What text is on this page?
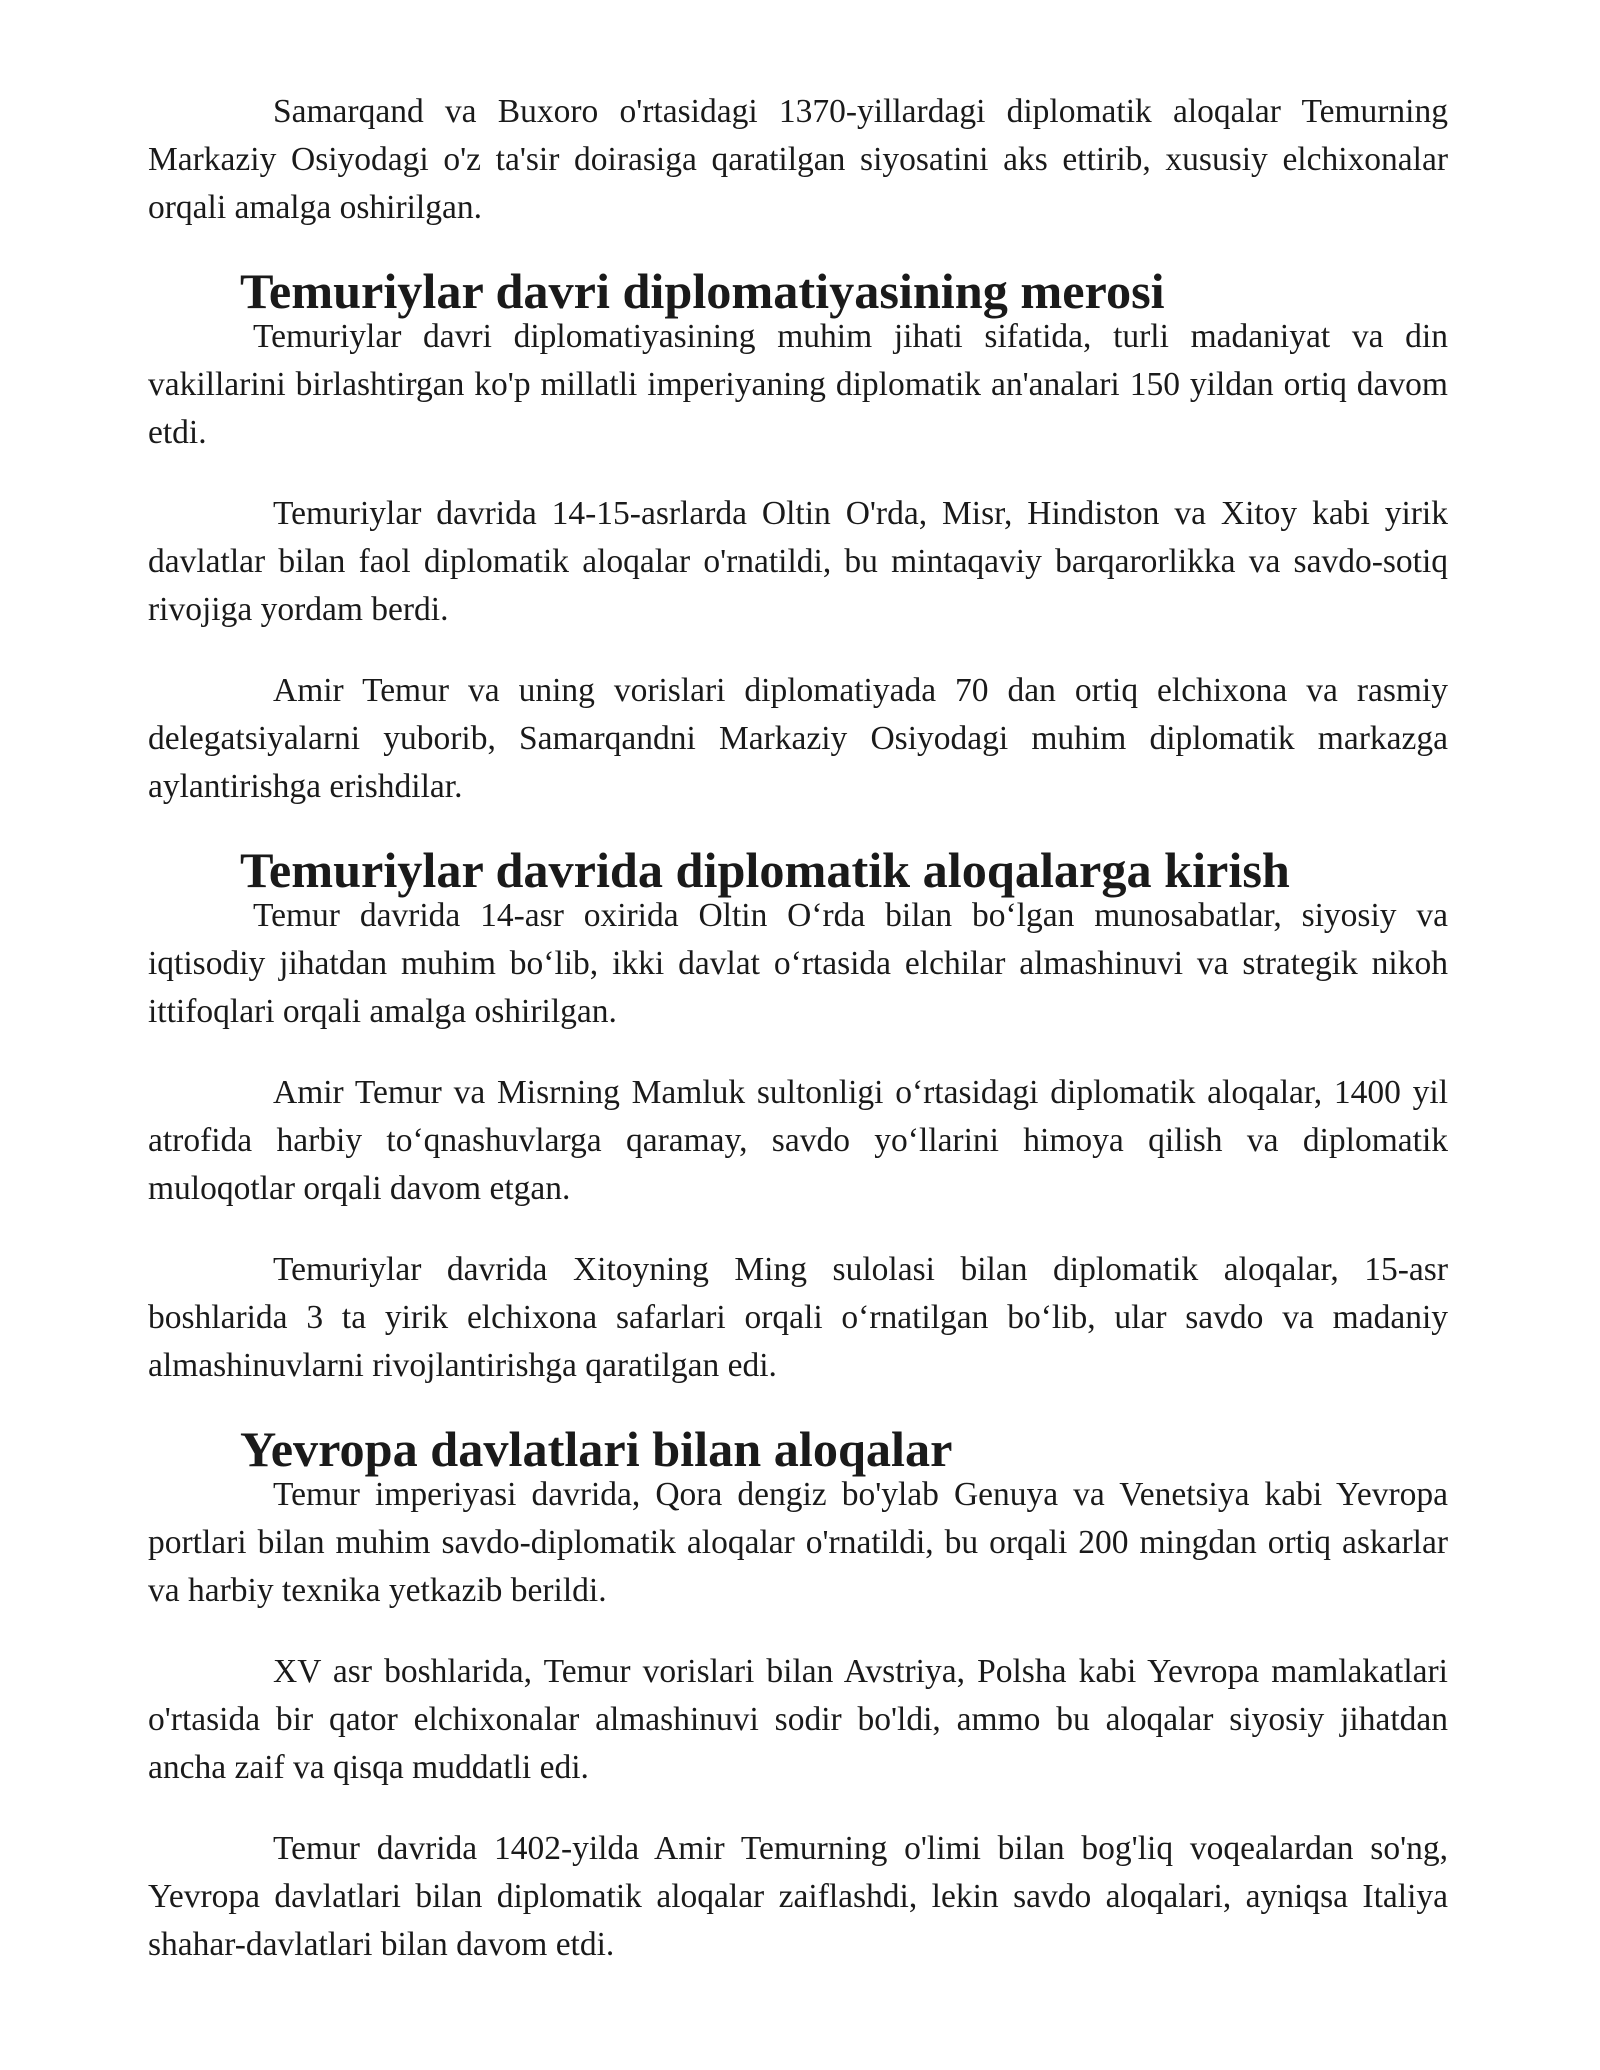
Samarqand va Buxoro o'rtasidagi 1370-yillardagi diplomatik aloqalar Temurning Markaziy Osiyodagi o'z ta'sir doirasiga qaratilgan siyosatini aks ettirib, xususiy elchixonalar orqali amalga oshirilgan.

Temuriylar davri diplomatiyasining merosi

Temuriylar davri diplomatiyasining muhim jihati sifatida, turli madaniyat va din vakillarini birlashtirgan ko'p millatli imperiyaning diplomatik an'analari 150 yildan ortiq davom etdi.

Temuriylar davrida 14-15-asrlarda Oltin O'rda, Misr, Hindiston va Xitoy kabi yirik davlatlar bilan faol diplomatik aloqalar o'rnatildi, bu mintaqaviy barqarorlikka va savdo-sotiq rivojiga yordam berdi.

Amir Temur va uning vorislari diplomatiyada 70 dan ortiq elchixona va rasmiy delegatsiyalarni yuborib, Samarqandni Markaziy Osiyodagi muhim diplomatik markazga aylantirishga erishdilar.

Temuriylar davrida diplomatik aloqalarga kirish

Temur davrida 14-asr oxirida Oltin O‘rda bilan bo‘lgan munosabatlar, siyosiy va iqtisodiy jihatdan muhim bo‘lib, ikki davlat o‘rtasida elchilar almashinuvi va strategik nikoh ittifoqlari orqali amalga oshirilgan.

Amir Temur va Misrning Mamluk sultonligi o‘rtasidagi diplomatik aloqalar, 1400 yil atrofida harbiy to‘qnashuvlarga qaramay, savdo yo‘llarini himoya qilish va diplomatik muloqotlar orqali davom etgan.

Temuriylar davrida Xitoyning Ming sulolasi bilan diplomatik aloqalar, 15-asr boshlarida 3 ta yirik elchixona safarlari orqali o‘rnatilgan bo‘lib, ular savdo va madaniy almashinuvlarni rivojlantirishga qaratilgan edi.

Yevropa davlatlari bilan aloqalar

Temur imperiyasi davrida, Qora dengiz bo'ylab Genuya va Venetsiya kabi Yevropa portlari bilan muhim savdo-diplomatik aloqalar o'rnatildi, bu orqali 200 mingdan ortiq askarlar va harbiy texnika yetkazib berildi.

XV asr boshlarida, Temur vorislari bilan Avstriya, Polsha kabi Yevropa mamlakatlari o'rtasida bir qator elchixonalar almashinuvi sodir bo'ldi, ammo bu aloqalar siyosiy jihatdan ancha zaif va qisqa muddatli edi.

Temur davrida 1402-yilda Amir Temurning o'limi bilan bog'liq voqealardan so'ng, Yevropa davlatlari bilan diplomatik aloqalar zaiflashdi, lekin savdo aloqalari, ayniqsa Italiya shahar-davlatlari bilan davom etdi.
